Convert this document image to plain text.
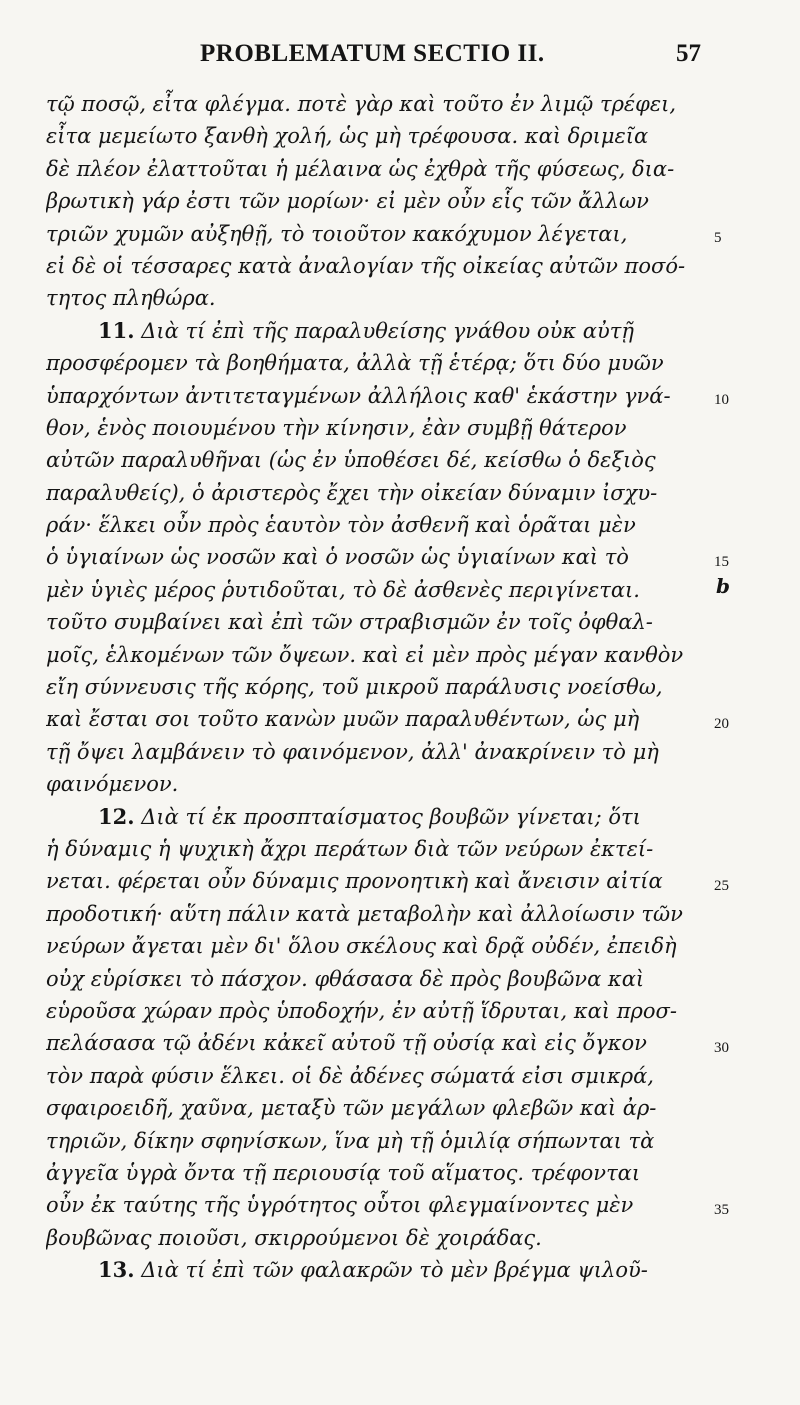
PROBLEMATUM SECTIO II.	57
τῷ ποσῷ, εἶτα φλέγμα. ποτὲ γὰρ καὶ τοῦτο ἐν λιμῷ τρέφει,
εἶτα μεμείωτο ξανθὴ χολή, ὡς μὴ τρέφουσα. καὶ δριμεῖα
δὲ πλέον ἐλαττοῦται ἡ μέλαινα ὡς ἐχθρὰ τῆς φύσεως, δια-
βρωτικὴ γάρ ἐστι τῶν μορίων· εἰ μὲν οὖν εἷς τῶν ἄλλων
τριῶν χυμῶν αὐξηθῇ, τὸ τοιοῦτον κακόχυμον λέγεται,
εἰ δὲ οἱ τέσσαρες κατὰ ἀναλογίαν τῆς οἰκείας αὐτῶν ποσό-
τητος πληθώρα.
11. Διὰ τί ἐπὶ τῆς παραλυθείσης γνάθου οὐκ αὐτῇ
προσφέρομεν τὰ βοηθήματα, ἀλλὰ τῇ ἑτέρᾳ; ὅτι δύο μυῶν
ὑπαρχόντων ἀντιτεταγμένων ἀλλήλοις καθ' ἑκάστην γνά-
θον, ἑνὸς ποιουμένου τὴν κίνησιν, ἐὰν συμβῇ θάτερον
αὐτῶν παραλυθῆναι (ὡς ἐν ὑποθέσει δέ, κείσθω ὁ δεξιὸς
παραλυθείς), ὁ ἀριστερὸς ἔχει τὴν οἰκείαν δύναμιν ἰσχυ-
ράν· ἕλκει οὖν πρὸς ἑαυτὸν τὸν ἀσθενῆ καὶ ὁρᾶται μὲν
ὁ ὑγιαίνων ὡς νοσῶν καὶ ὁ νοσῶν ὡς ὑγιαίνων καὶ τὸ
μὲν ὑγιὲς μέρος ῥυτιδοῦται, τὸ δὲ ἀσθενὲς περιγίνεται.
τοῦτο συμβαίνει καὶ ἐπὶ τῶν στραβισμῶν ἐν τοῖς ὀφθαλ-
μοῖς, ἑλκομένων τῶν ὄψεων. καὶ εἰ μὲν πρὸς μέγαν κανθὸν
εἴη σύννευσις τῆς κόρης, τοῦ μικροῦ παράλυσις νοείσθω,
καὶ ἔσται σοι τοῦτο κανὼν μυῶν παραλυθέντων, ὡς μὴ
τῇ ὄψει λαμβάνειν τὸ φαινόμενον, ἀλλ' ἀνακρίνειν τὸ μὴ
φαινόμενον.
12. Διὰ τί ἐκ προσπταίσματος βουβῶν γίνεται; ὅτι
ἡ δύναμις ἡ ψυχικὴ ἄχρι περάτων διὰ τῶν νεύρων ἐκτεί-
νεται. φέρεται οὖν δύναμις προνοητικὴ καὶ ἄνεισιν αἰτία
προδοτική· αὕτη πάλιν κατὰ μεταβολὴν καὶ ἀλλοίωσιν τῶν
νεύρων ἄγεται μὲν δι' ὅλου σκέλους καὶ δρᾷ οὐδέν, ἐπειδὴ
οὐχ εὑρίσκει τὸ πάσχον. φθάσασα δὲ πρὸς βουβῶνα καὶ
εὑροῦσα χώραν πρὸς ὑποδοχήν, ἐν αὐτῇ ἵδρυται, καὶ προσ-
πελάσασα τῷ ἀδένι κἀκεῖ αὐτοῦ τῇ οὐσίᾳ καὶ εἰς ὄγκον
τὸν παρὰ φύσιν ἕλκει. οἱ δὲ ἀδένες σώματά εἰσι σμικρά,
σφαιροειδῆ, χαῦνα, μεταξὺ τῶν μεγάλων φλεβῶν καὶ ἀρ-
τηριῶν, δίκην σφηνίσκων, ἵνα μὴ τῇ ὁμιλίᾳ σήπωνται τὰ
ἀγγεῖα ὑγρὰ ὄντα τῇ περιουσίᾳ τοῦ αἵματος. τρέφονται
οὖν ἐκ ταύτης τῆς ὑγρότητος οὗτοι φλεγμαίνοντες μὲν
βουβῶνας ποιοῦσι, σκιρρούμενοι δὲ χοιράδας.
13. Διὰ τί ἐπὶ τῶν φαλακρῶν τὸ μὲν βρέγμα ψιλοῦ-
5
10
15
20
25
30
35
b
